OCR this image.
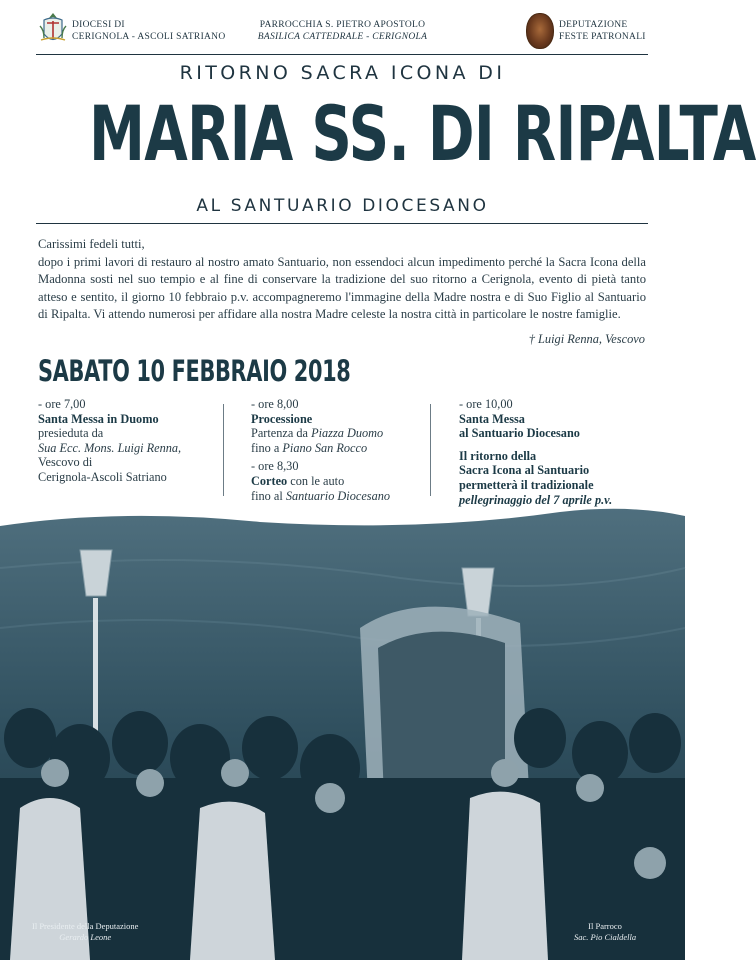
DIOCESI DI
CERIGNOLA - ASCOLI SATRIANO
PARROCCHIA S. PIETRO APOSTOLO
BASILICA CATTEDRALE - CERIGNOLA
DEPUTAZIONE
FESTE PATRONALI
RITORNO SACRA ICONA DI
MARIA SS. DI RIPALTA
AL SANTUARIO DIOCESANO

Carissimi fedeli tutti,

dopo i primi lavori di restauro al nostro amato Santuario, non essendoci alcun impedimento perché la Sacra Icona della Madonna sosti nel suo tempio e al fine di conservare la tradizione del suo ritorno a Cerignola, evento di pietà tanto atteso e sentito, il giorno 10 febbraio p.v. accompagneremo l'immagine della Madre nostra e di Suo Figlio al Santuario di Ripalta. Vi attendo numerosi per affidare alla nostra Madre celeste la nostra città in particolare le nostre famiglie.

† Luigi Renna, Vescovo
SABATO 10 FEBBRAIO 2018
- ore 7,00
Santa Messa in Duomo
presieduta da
Sua Ecc. Mons. Luigi Renna,
Vescovo di
Cerignola-Ascoli Satriano
- ore 8,00
Processione
Partenza da Piazza Duomo
fino a Piano San Rocco
- ore 8,30
Corteo con le auto
fino al Santuario Diocesano
- ore 10,00
Santa Messa
al Santuario Diocesano
Il ritorno della
Sacra Icona al Santuario
permetterà il tradizionale
pellegrinaggio del 7 aprile p.v.
Il Presidente della Deputazione
Gerardo Leone
Il Parroco
Sac. Pio Cialdella
